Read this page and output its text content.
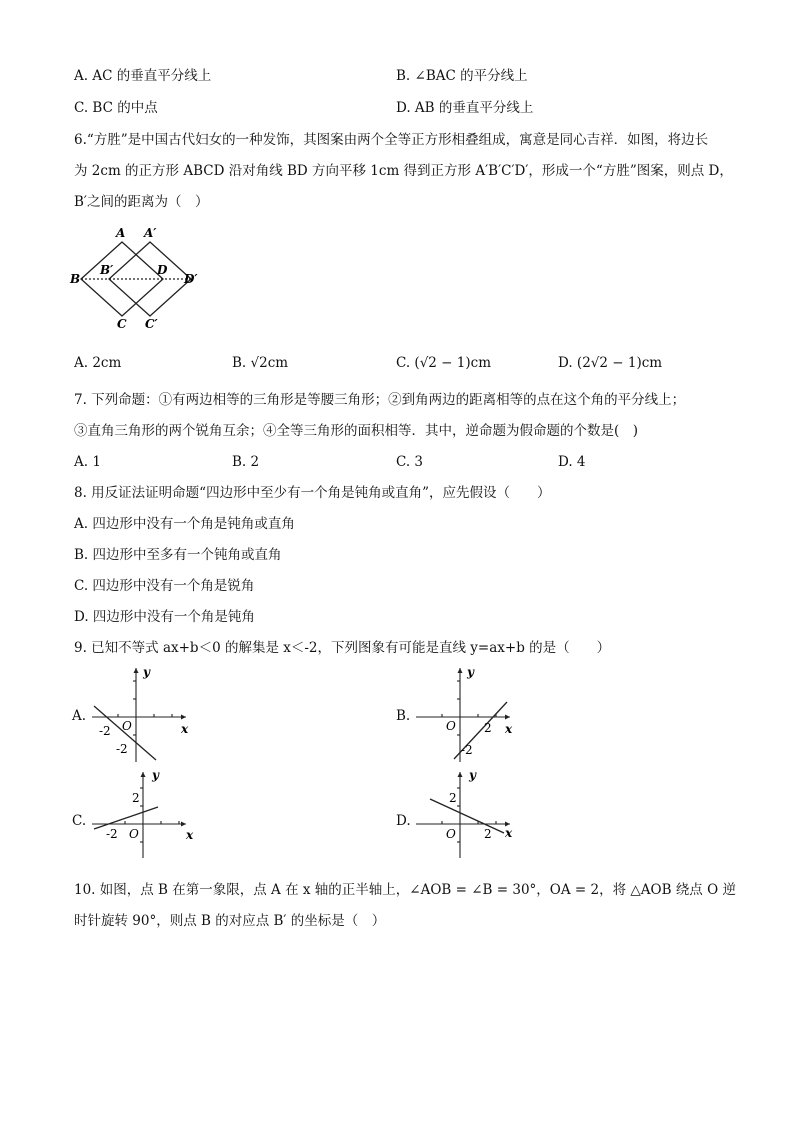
A. AC 的垂直平分线上	B. ∠BAC 的平分线上
C. BC 的中点	D. AB 的垂直平分线上
6.“方胜”是中国古代妇女的一种发饰，其图案由两个全等正方形相叠组成，寓意是同心吉祥．如图，将边长
为 2cm 的正方形 ABCD 沿对角线 BD 方向平移 1cm 得到正方形 A′B′C′D′，形成一个“方胜”图案，则点 D，
B′之间的距离为（　）
A A′
B
B′	D
D′
C C′
A. 2cm	B. √2cm	C. (√2 − 1)cm	D. (2√2 − 1)cm
7. 下列命题：①有两边相等的三角形是等腰三角形；②到角两边的距离相等的点在这个角的平分线上；
③直角三角形的两个锐角互余；④全等三角形的面积相等．其中，逆命题为假命题的个数是(　)
A. 1	B. 2	C. 3	D. 4
8. 用反证法证明命题“四边形中至少有一个角是钝角或直角”，应先假设（　　）
A. 四边形中没有一个角是钝角或直角
B. 四边形中至多有一个钝角或直角
C. 四边形中没有一个角是锐角
D. 四边形中没有一个角是钝角
9. 已知不等式 ax+b＜0 的解集是 x＜-2，下列图象有可能是直线 y=ax+b 的是（　　）
A.	B.
C.	D.
y
x
O
-2
-2
y
x
O 2
-2
y
x
O
2
-2
y
x
O
2
2
10. 如图，点 B 在第一象限，点 A 在 x 轴的正半轴上，∠AOB = ∠B = 30°，OA = 2，将 △AOB 绕点 O 逆
时针旋转 90°，则点 B 的对应点 B′ 的坐标是（　）
